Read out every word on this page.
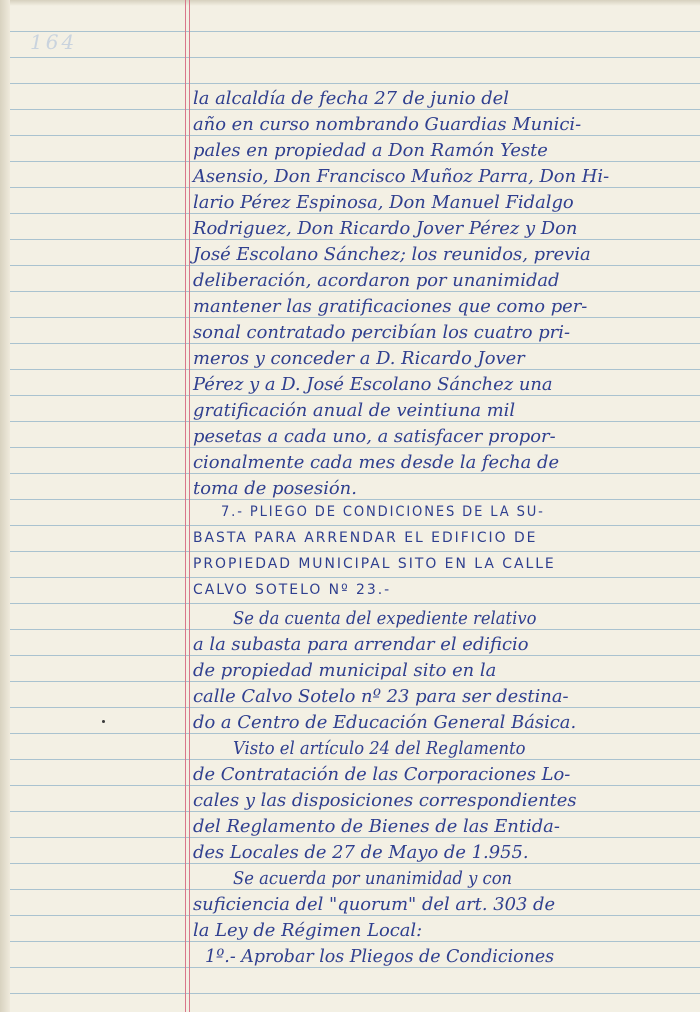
164
la alcaldía de fecha 27 de junio del
año en curso nombrando Guardias Munici-
pales en propiedad a Don Ramón Yeste
Asensio, Don Francisco Muñoz Parra, Don Hi-
lario Pérez Espinosa, Don Manuel Fidalgo
Rodriguez, Don Ricardo Jover Pérez y Don
José Escolano Sánchez; los reunidos, previa
deliberación, acordaron por unanimidad
mantener las gratificaciones que como per-
sonal contratado percibían los cuatro pri-
meros y conceder a D. Ricardo Jover
Pérez y a D. José Escolano Sánchez una
gratificación anual de veintiuna mil
pesetas a cada uno, a satisfacer propor-
cionalmente cada mes desde la fecha de
toma de posesión.
7.- PLIEGO DE CONDICIONES DE LA SU-
BASTA PARA ARRENDAR EL EDIFICIO DE
PROPIEDAD MUNICIPAL SITO EN LA CALLE
CALVO SOTELO Nº 23.-
Se da cuenta del expediente relativo
a la subasta para arrendar el edificio
de propiedad municipal sito en la
calle Calvo Sotelo nº 23 para ser destina-
do a Centro de Educación General Básica.
Visto el artículo 24 del Reglamento
de Contratación de las Corporaciones Lo-
cales y las disposiciones correspondientes
del Reglamento de Bienes de las Entida-
des Locales de 27 de Mayo de 1.955.
Se acuerda por unanimidad y con
suficiencia del "quorum" del art. 303 de
la Ley de Régimen Local:
1º.- Aprobar los Pliegos de Condiciones
